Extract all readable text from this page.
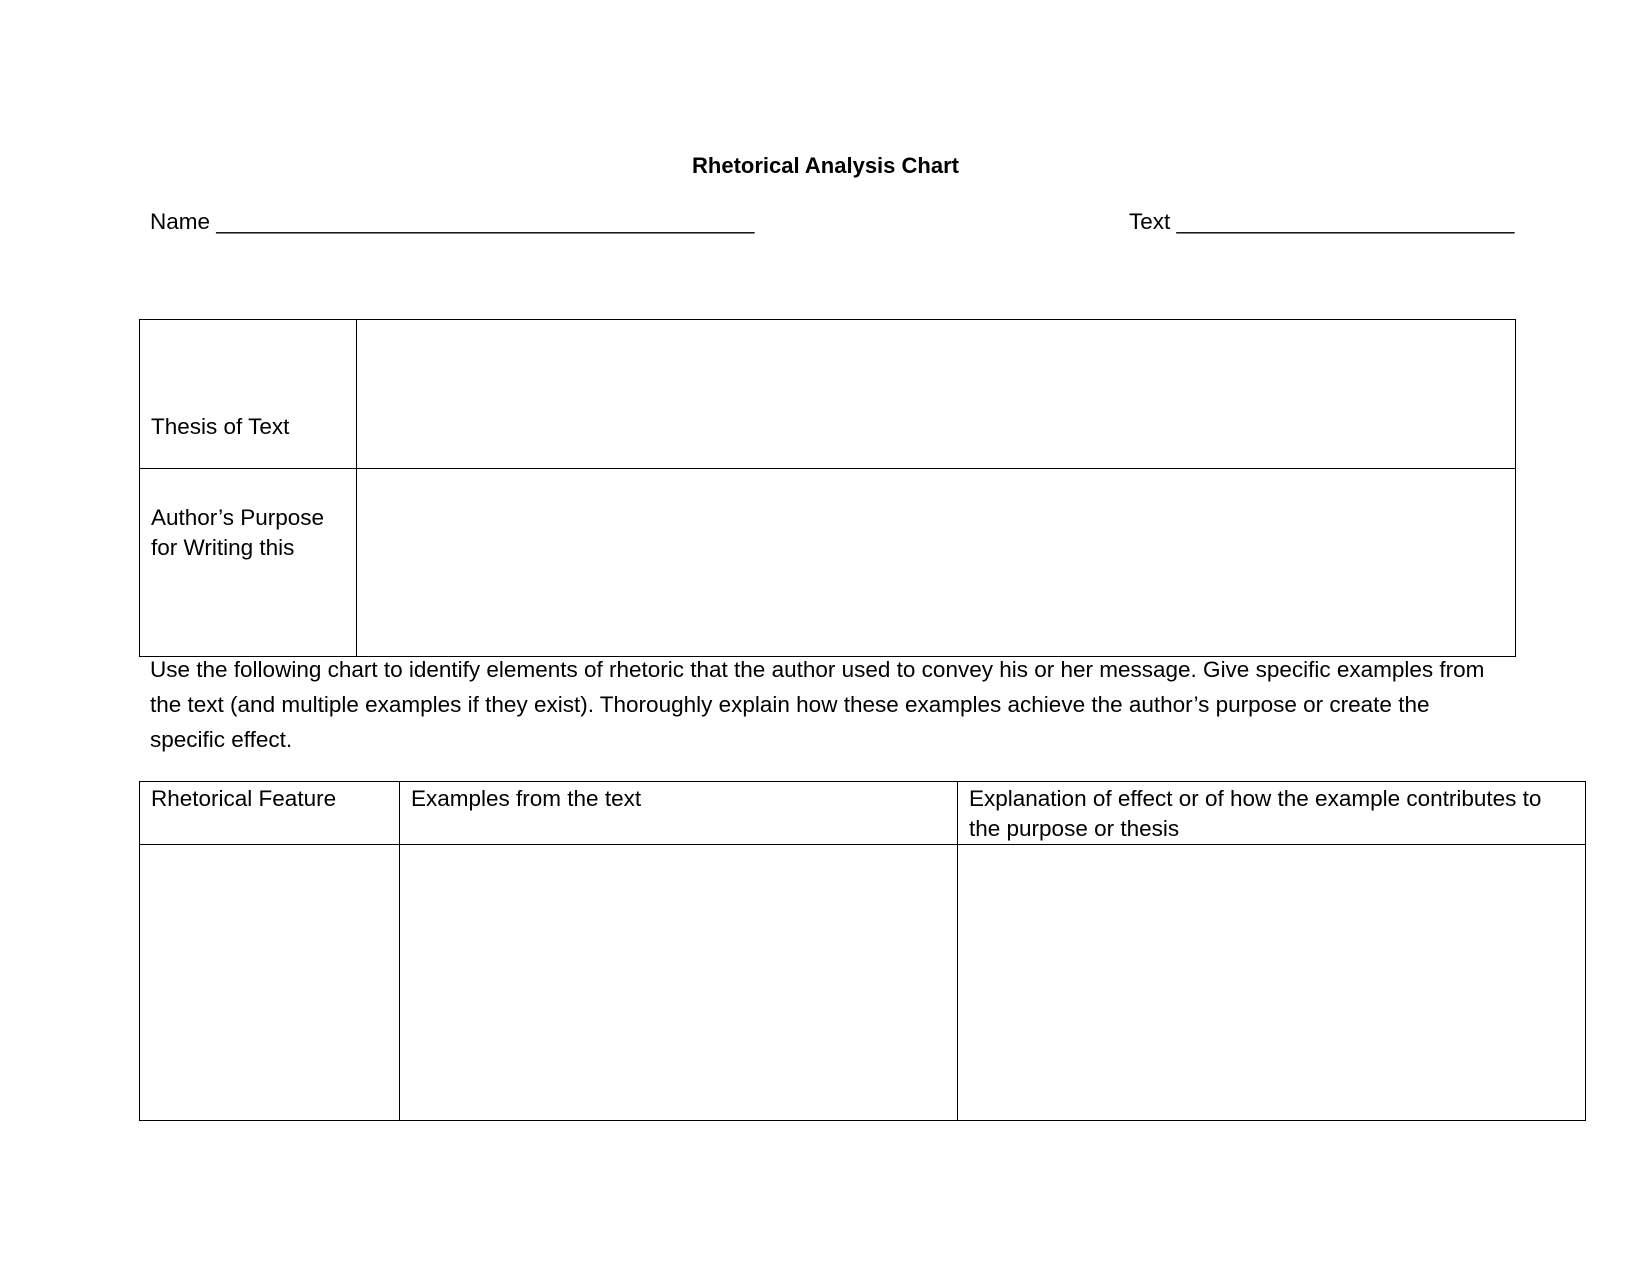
Rhetorical Analysis Chart
Name ___________________________________________	Text ___________________________
Thesis of Text	
Author’s Purpose for Writing this	
Use the following chart to identify elements of rhetoric that the author used to convey his or her message. Give specific examples from the text (and multiple examples if they exist). Thoroughly explain how these examples achieve the author’s purpose or create the specific effect.
Rhetorical Feature	Examples from the text	Explanation of effect or of how the example contributes to the purpose or thesis
